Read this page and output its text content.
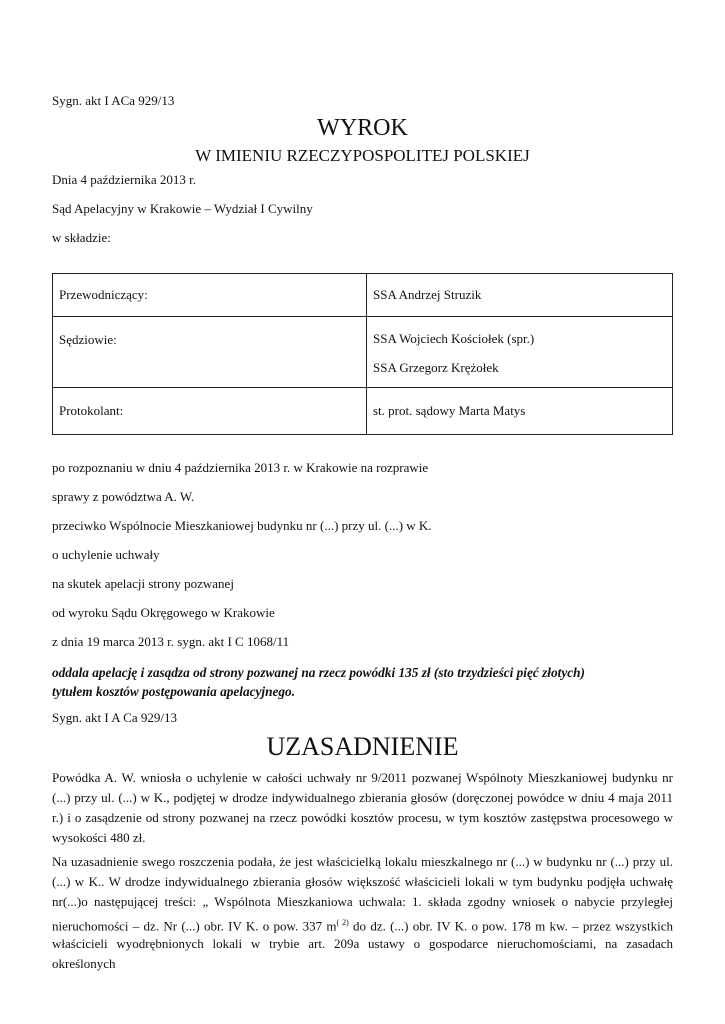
Sygn. akt I ACa 929/13
WYROK
W IMIENIU RZECZYPOSPOLITEJ POLSKIEJ
Dnia 4 października 2013 r.
Sąd Apelacyjny w Krakowie – Wydział I Cywilny
w składzie:
Przewodniczący:	SSA Andrzej Struzik
Sędziowie:	SSA Wojciech Kościołek (spr.)
SSA Grzegorz Krężołek

Protokolant:	st. prot. sądowy Marta Matys
po rozpoznaniu w dniu 4 października 2013 r. w Krakowie na rozprawie
sprawy z powództwa A. W.
przeciwko Wspólnocie Mieszkaniowej budynku nr (...) przy ul. (...) w K.
o uchylenie uchwały
na skutek apelacji strony pozwanej
od wyroku Sądu Okręgowego w Krakowie
z dnia 19 marca 2013 r. sygn. akt I C 1068/11
oddala apelację i zasądza od strony pozwanej na rzecz powódki 135 zł (sto trzydzieści pięć złotych)
tytułem kosztów postępowania apelacyjnego.
Sygn. akt I A Ca 929/13
UZASADNIENIE
Powódka A. W. wniosła o uchylenie w całości uchwały nr 9/2011 pozwanej Wspólnoty Mieszkaniowej budynku nr
(...) przy ul. (...) w K., podjętej w drodze indywidualnego zbierania głosów (doręczonej powódce w dniu 4 maja 2011
r.) i o zasądzenie od strony pozwanej na rzecz powódki kosztów procesu, w tym kosztów zastępstwa procesowego w
wysokości 480 zł.
Na uzasadnienie swego roszczenia podała, że jest właścicielką lokalu mieszkalnego nr (...) w budynku nr (...) przy ul.
(...) w K.. W drodze indywidualnego zbierania głosów większość właścicieli lokali w tym budynku podjęła uchwałę
nr(...)o następującej treści: „ Wspólnota Mieszkaniowa uchwala: 1. składa zgodny wniosek o nabycie przyległej
nieruchomości – dz. Nr (...) obr. IV K. o pow. 337 $m^{( 2)}$ do dz. (...) obr. IV K. o pow. 178 m kw. – przez wszystkich
właścicieli wyodrębnionych lokali w trybie art. 209a ustawy o gospodarce nieruchomościami, na zasadach określonych
